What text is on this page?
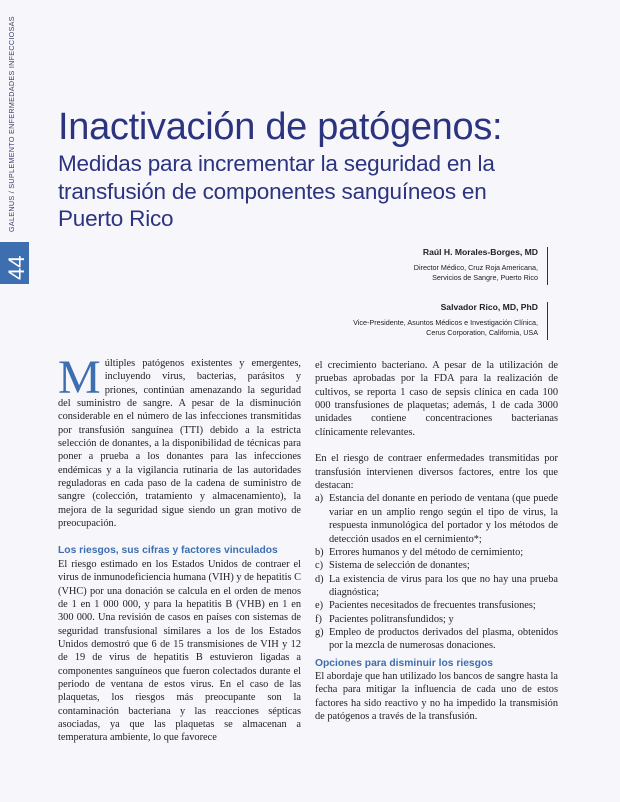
GALENUS / SUPLEMENTO ENFERMEDADES INFECCIOSAS
44
Inactivación de patógenos:
Medidas para incrementar la seguridad en la transfusión de componentes sanguíneos en Puerto Rico
Raúl H. Morales-Borges, MD
Director Médico, Cruz Roja Americana,
Servicios de Sangre, Puerto Rico
Salvador Rico, MD, PhD
Vice-Presidente, Asuntos Médicos e Investigación Clínica,
Cerus Corporation, California, USA

Múltiples patógenos existentes y emergentes, incluyendo virus, bacterias, parásitos y priones, continúan amenazando la seguridad del suministro de sangre. A pesar de la disminución considerable en el número de las infecciones transmitidas por transfusión sanguínea (TTI) debido a la estricta selección de donantes, a la disponibilidad de técnicas para poner a prueba a los donantes para las infecciones endémicas y a la vigilancia rutinaria de las autoridades reguladoras en cada paso de la cadena de suministro de sangre (colección, tratamiento y almacenamiento), la mejora de la seguridad sigue siendo un gran motivo de preocupación.

Los riesgos, sus cifras y factores vinculados

El riesgo estimado en los Estados Unidos de contraer el virus de inmunodeficiencia humana (VIH) y de hepatitis C (VHC) por una donación se calcula en el orden de menos de 1 en 1 000 000, y para la hepatitis B (VHB) en 1 en 300 000. Una revisión de casos en países con sistemas de seguridad transfusional similares a los de los Estados Unidos demostró que 6 de 15 transmisiones de VIH y 12 de 19 de virus de hepatitis B estuvieron ligadas a componentes sanguíneos que fueron colectados durante el periodo de ventana de estos virus. En el caso de las plaquetas, los riesgos más preocupante son la contaminación bacteriana y las reacciones sépticas asociadas, ya que las plaquetas se almacenan a temperatura ambiente, lo que favorece

el crecimiento bacteriano. A pesar de la utilización de pruebas aprobadas por la FDA para la realización de cultivos, se reporta 1 caso de sepsis clínica en cada 100 000 transfusiones de plaquetas; además, 1 de cada 3000 unidades contiene concentraciones bacterianas clínicamente relevantes.

En el riesgo de contraer enfermedades transmitidas por transfusión intervienen diversos factores, entre los que destacan:

a) Estancia del donante en periodo de ventana (que puede variar en un amplio rengo según el tipo de virus, la respuesta inmunológica del portador y los métodos de detección usados en el cernimiento*;
b) Errores humanos y del método de cernimiento;
c) Sistema de selección de donantes;
d) La existencia de virus para los que no hay una prueba diagnóstica;
e) Pacientes necesitados de frecuentes transfusiones;
f) Pacientes politransfundidos; y
g) Empleo de productos derivados del plasma, obtenidos por la mezcla de numerosas donaciones.
Opciones para disminuir los riesgos

El abordaje que han utilizado los bancos de sangre hasta la fecha para mitigar la influencia de cada uno de estos factores ha sido reactivo y no ha impedido la transmisión de patógenos a través de la transfusión.
